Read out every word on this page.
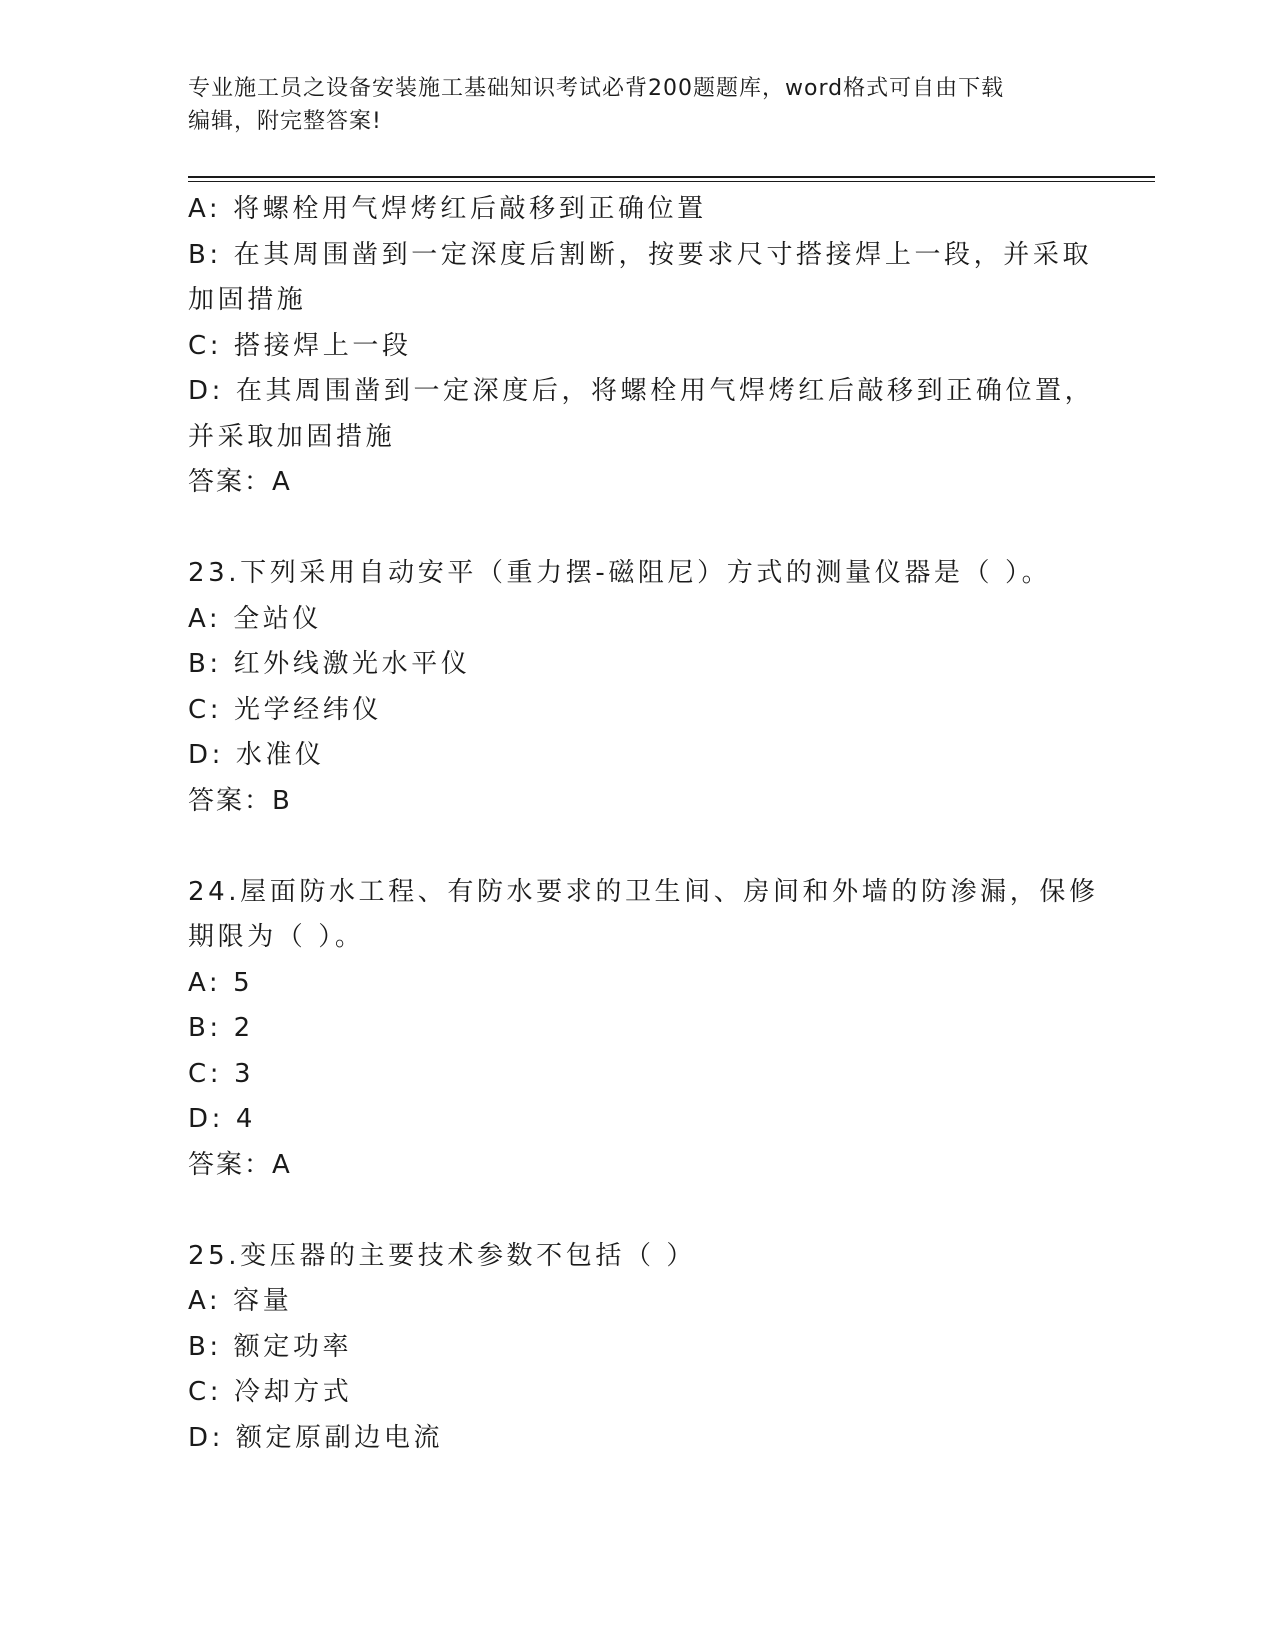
专业施工员之设备安装施工基础知识考试必背200题题库，word格式可自由下载
编辑，附完整答案!
A: 将螺栓用气焊烤红后敲移到正确位置
B: 在其周围凿到一定深度后割断，按要求尺寸搭接焊上一段，并采取
加固措施
C: 搭接焊上一段
D: 在其周围凿到一定深度后，将螺栓用气焊烤红后敲移到正确位置，
并采取加固措施
答案：A
23.下列采用自动安平（重力摆-磁阻尼）方式的测量仪器是（ ）。
A: 全站仪
B: 红外线激光水平仪
C: 光学经纬仪
D: 水准仪
答案：B
24.屋面防水工程、有防水要求的卫生间、房间和外墙的防渗漏，保修
期限为（ ）。
A: 5
B: 2
C: 3
D: 4
答案：A
25.变压器的主要技术参数不包括（ ）
A: 容量
B: 额定功率
C: 冷却方式
D: 额定原副边电流
